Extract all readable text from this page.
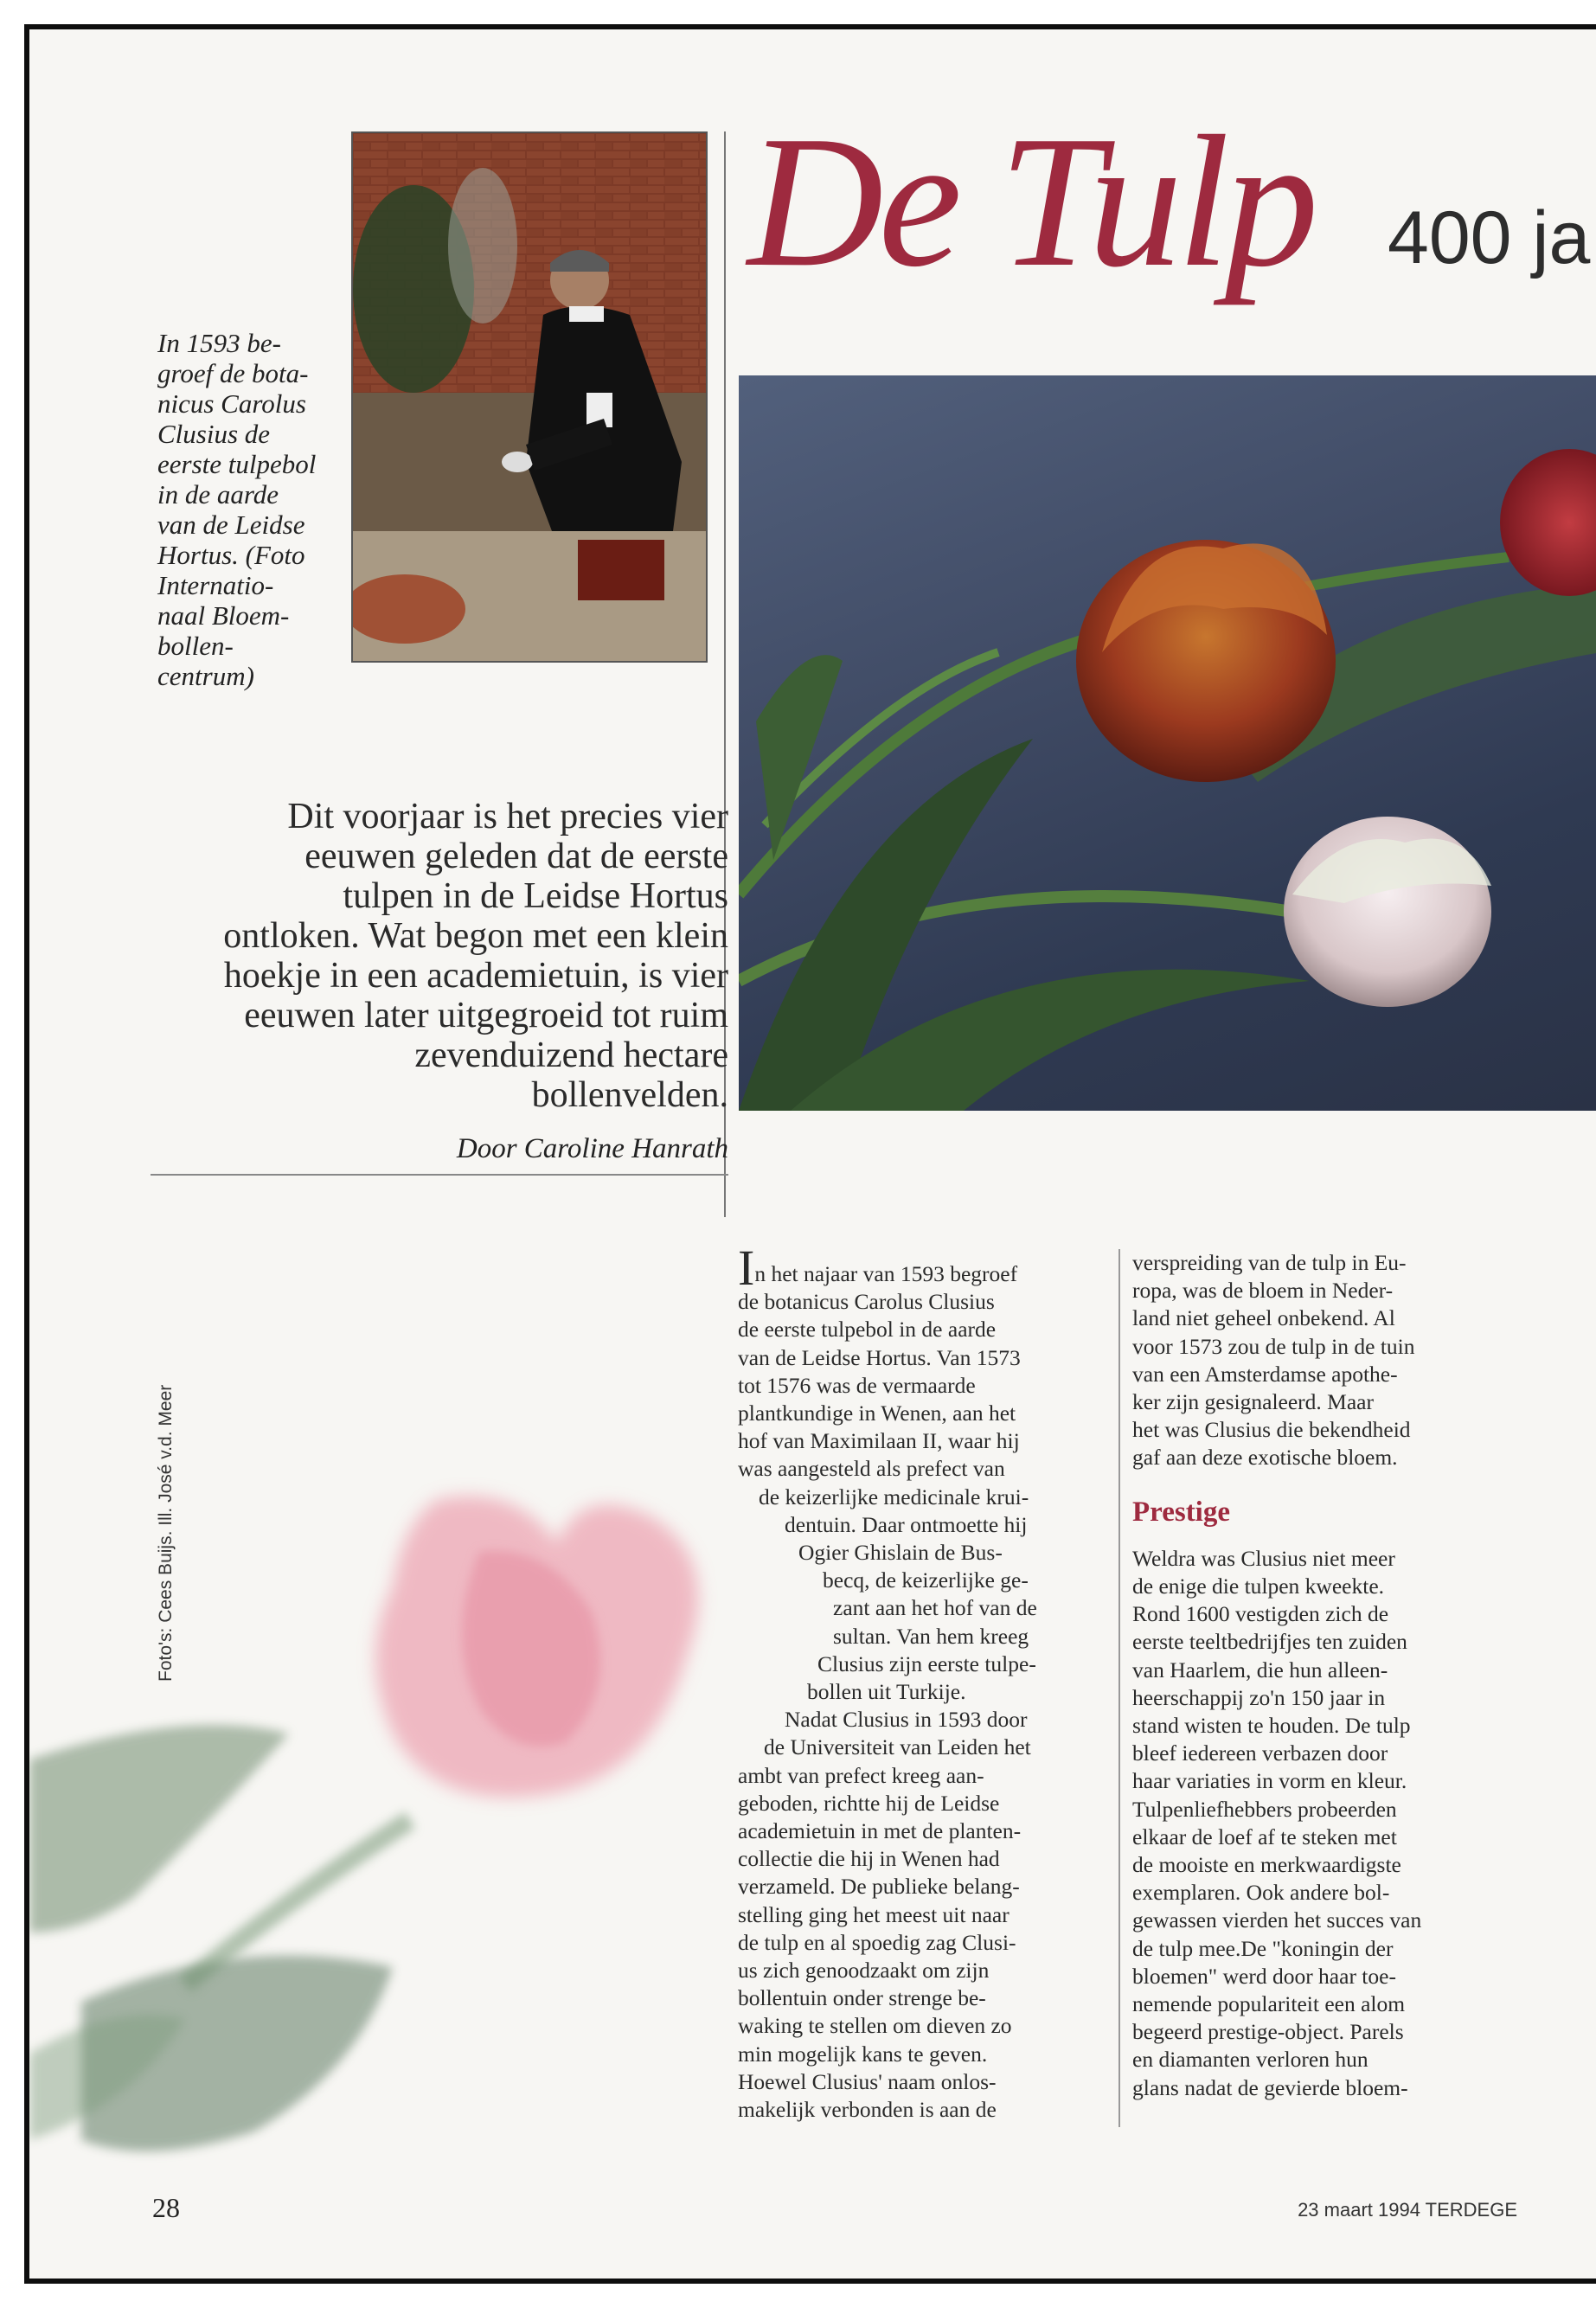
In 1593 be-
groef de bota-
nicus Carolus
Clusius de
eerste tulpebol
in de aarde
van de Leidse
Hortus. (Foto
Internatio-
naal Bloem-
bollen-
centrum)
De Tulp 400 ja
Dit voorjaar is het precies vier
eeuwen geleden dat de eerste
tulpen in de Leidse Hortus
ontloken. Wat begon met een klein
hoekje in een academietuin, is vier
eeuwen later uitgegroeid tot ruim
zevenduizend hectare
bollenvelden.
Door Caroline Hanrath
Foto's: Cees Buijs. Ill. José v.d. Meer
In het najaar van 1593 begroef
de botanicus Carolus Clusius
de eerste tulpebol in de aarde
van de Leidse Hortus. Van 1573
tot 1576 was de vermaarde
plantkundige in Wenen, aan het
hof van Maximilaan II, waar hij
was aangesteld als prefect van
de keizerlijke medicinale krui-
dentuin. Daar ontmoette hij
Ogier Ghislain de Bus-
becq, de keizerlijke ge-
zant aan het hof van de
sultan. Van hem kreeg
Clusius zijn eerste tulpe-
bollen uit Turkije.
Nadat Clusius in 1593 door
de Universiteit van Leiden het
ambt van prefect kreeg aan-
geboden, richtte hij de Leidse
academietuin in met de planten-
collectie die hij in Wenen had
verzameld. De publieke belang-
stelling ging het meest uit naar
de tulp en al spoedig zag Clusi-
us zich genoodzaakt om zijn
bollentuin onder strenge be-
waking te stellen om dieven zo
min mogelijk kans te geven.
Hoewel Clusius' naam onlos-
makelijk verbonden is aan de
verspreiding van de tulp in Eu-
ropa, was de bloem in Neder-
land niet geheel onbekend. Al
voor 1573 zou de tulp in de tuin
van een Amsterdamse apothe-
ker zijn gesignaleerd. Maar
het was Clusius die bekendheid
gaf aan deze exotische bloem.

Prestige

Weldra was Clusius niet meer
de enige die tulpen kweekte.
Rond 1600 vestigden zich de
eerste teeltbedrijfjes ten zuiden
van Haarlem, die hun alleen-
heerschappij zo'n 150 jaar in
stand wisten te houden. De tulp
bleef iedereen verbazen door
haar variaties in vorm en kleur.
Tulpenliefhebbers probeerden
elkaar de loef af te steken met
de mooiste en merkwaardigste
exemplaren. Ook andere bol-
gewassen vierden het succes van
de tulp mee.De "koningin der
bloemen" werd door haar toe-
nemende populariteit een alom
begeerd prestige-object. Parels
en diamanten verloren hun
glans nadat de gevierde bloem-
28	23 maart 1994 TERDEGE
